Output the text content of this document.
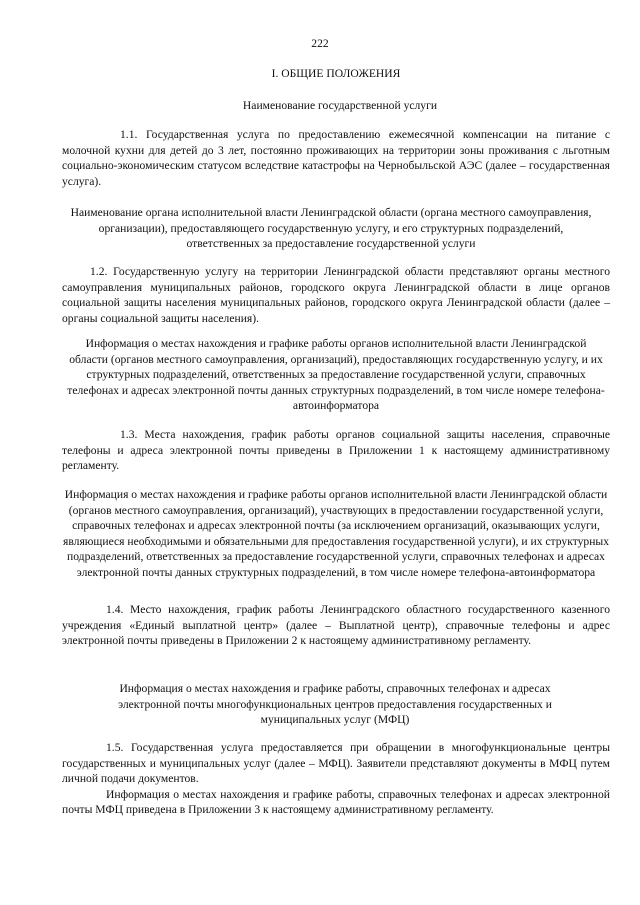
222
I. ОБЩИЕ ПОЛОЖЕНИЯ
Наименование государственной услуги

1.1. Государственная услуга по предоставлению ежемесячной компенсации на питание с молочной кухни для детей до 3 лет, постоянно проживающих на территории зоны проживания с льготным социально-экономическим статусом вследствие катастрофы на Чернобыльской АЭС (далее – государственная услуга).

Наименование органа исполнительной власти Ленинградской области (органа местного самоуправления, организации), предоставляющего государственную услугу, и его структурных подразделений, ответственных за предоставление государственной услуги

1.2. Государственную услугу на территории Ленинградской области представляют органы местного самоуправления муниципальных районов, городского округа Ленинградской области в лице органов социальной защиты населения муниципальных районов, городского округа Ленинградской области (далее – органы социальной защиты населения).

Информация о местах нахождения и графике работы органов исполнительной власти Ленинградской области (органов местного самоуправления, организаций), предоставляющих государственную услугу, и их структурных подразделений, ответственных за предоставление государственной услуги, справочных телефонах и адресах электронной почты данных структурных подразделений, в том числе номере телефона-автоинформатора

1.3. Места нахождения, график работы органов социальной защиты населения, справочные телефоны и адреса электронной почты приведены в Приложении 1 к настоящему административному регламенту.

Информация о местах нахождения и графике работы органов исполнительной власти Ленинградской области (органов местного самоуправления, организаций), участвующих в предоставлении государственной услуги, справочных телефонах и адресах электронной почты (за исключением организаций, оказывающих услуги, являющиеся необходимыми и обязательными для предоставления государственной услуги), и их структурных подразделений, ответственных за предоставление государственной услуги, справочных телефонах и адресах электронной почты данных структурных подразделений, в том числе номере телефона-автоинформатора

1.4. Место нахождения, график работы Ленинградского областного государственного казенного учреждения «Единый выплатной центр» (далее – Выплатной центр), справочные телефоны и адрес электронной почты приведены в Приложении 2 к настоящему административному регламенту.

Информация о местах нахождения и графике работы, справочных телефонах и адресах электронной почты многофункциональных центров предоставления государственных и муниципальных услуг (МФЦ)

1.5. Государственная услуга предоставляется при обращении в многофункциональные центры государственных и муниципальных услуг (далее – МФЦ). Заявители представляют документы в МФЦ путем личной подачи документов.

Информация о местах нахождения и графике работы, справочных телефонах и адресах электронной почты МФЦ приведена в Приложении 3 к настоящему административному регламенту.
